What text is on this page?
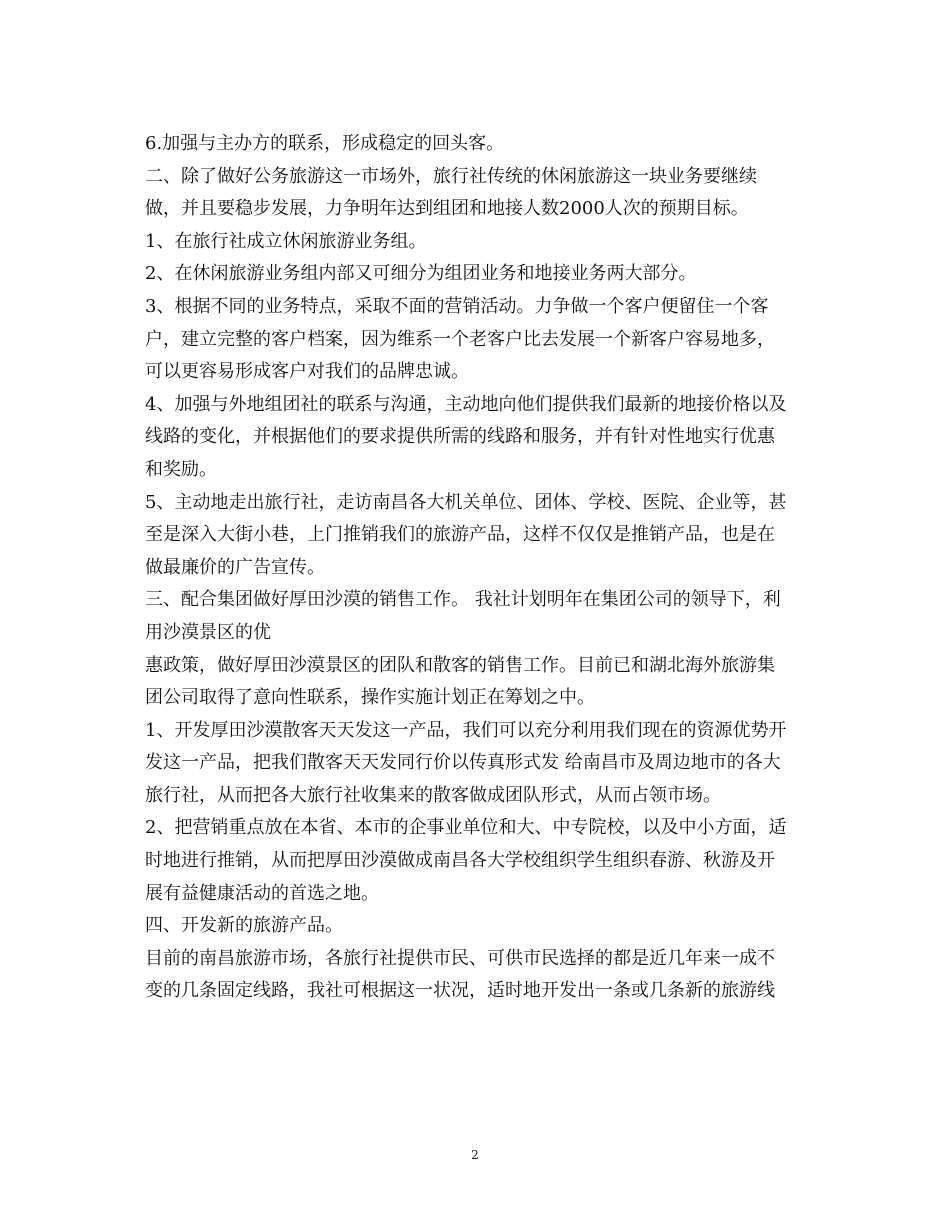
6.加强与主办方的联系，形成稳定的回头客。

二、除了做好公务旅游这一市场外，旅行社传统的休闲旅游这一块业务要继续

做，并且要稳步发展，力争明年达到组团和地接人数2000人次的预期目标。

1、在旅行社成立休闲旅游业务组。

2、在休闲旅游业务组内部又可细分为组团业务和地接业务两大部分。

3、根据不同的业务特点，采取不面的营销活动。力争做一个客户便留住一个客

户，建立完整的客户档案，因为维系一个老客户比去发展一个新客户容易地多，

可以更容易形成客户对我们的品牌忠诚。

4、加强与外地组团社的联系与沟通，主动地向他们提供我们最新的地接价格以及

线路的变化，并根据他们的要求提供所需的线路和服务，并有针对性地实行优惠

和奖励。

5、主动地走出旅行社，走访南昌各大机关单位、团体、学校、医院、企业等，甚

至是深入大街小巷，上门推销我们的旅游产品，这样不仅仅是推销产品，也是在

做最廉价的广告宣传。

三、配合集团做好厚田沙漠的销售工作。 我社计划明年在集团公司的领导下，利

用沙漠景区的优

惠政策，做好厚田沙漠景区的团队和散客的销售工作。目前已和湖北海外旅游集

团公司取得了意向性联系，操作实施计划正在筹划之中。

1、开发厚田沙漠散客天天发这一产品，我们可以充分利用我们现在的资源优势开

发这一产品，把我们散客天天发同行价以传真形式发 给南昌市及周边地市的各大

旅行社，从而把各大旅行社收集来的散客做成团队形式，从而占领市场。

2、把营销重点放在本省、本市的企事业单位和大、中专院校，以及中小方面，适

时地进行推销，从而把厚田沙漠做成南昌各大学校组织学生组织春游、秋游及开

展有益健康活动的首选之地。

四、开发新的旅游产品。

目前的南昌旅游市场，各旅行社提供市民、可供市民选择的都是近几年来一成不

变的几条固定线路，我社可根据这一状况，适时地开发出一条或几条新的旅游线

2
